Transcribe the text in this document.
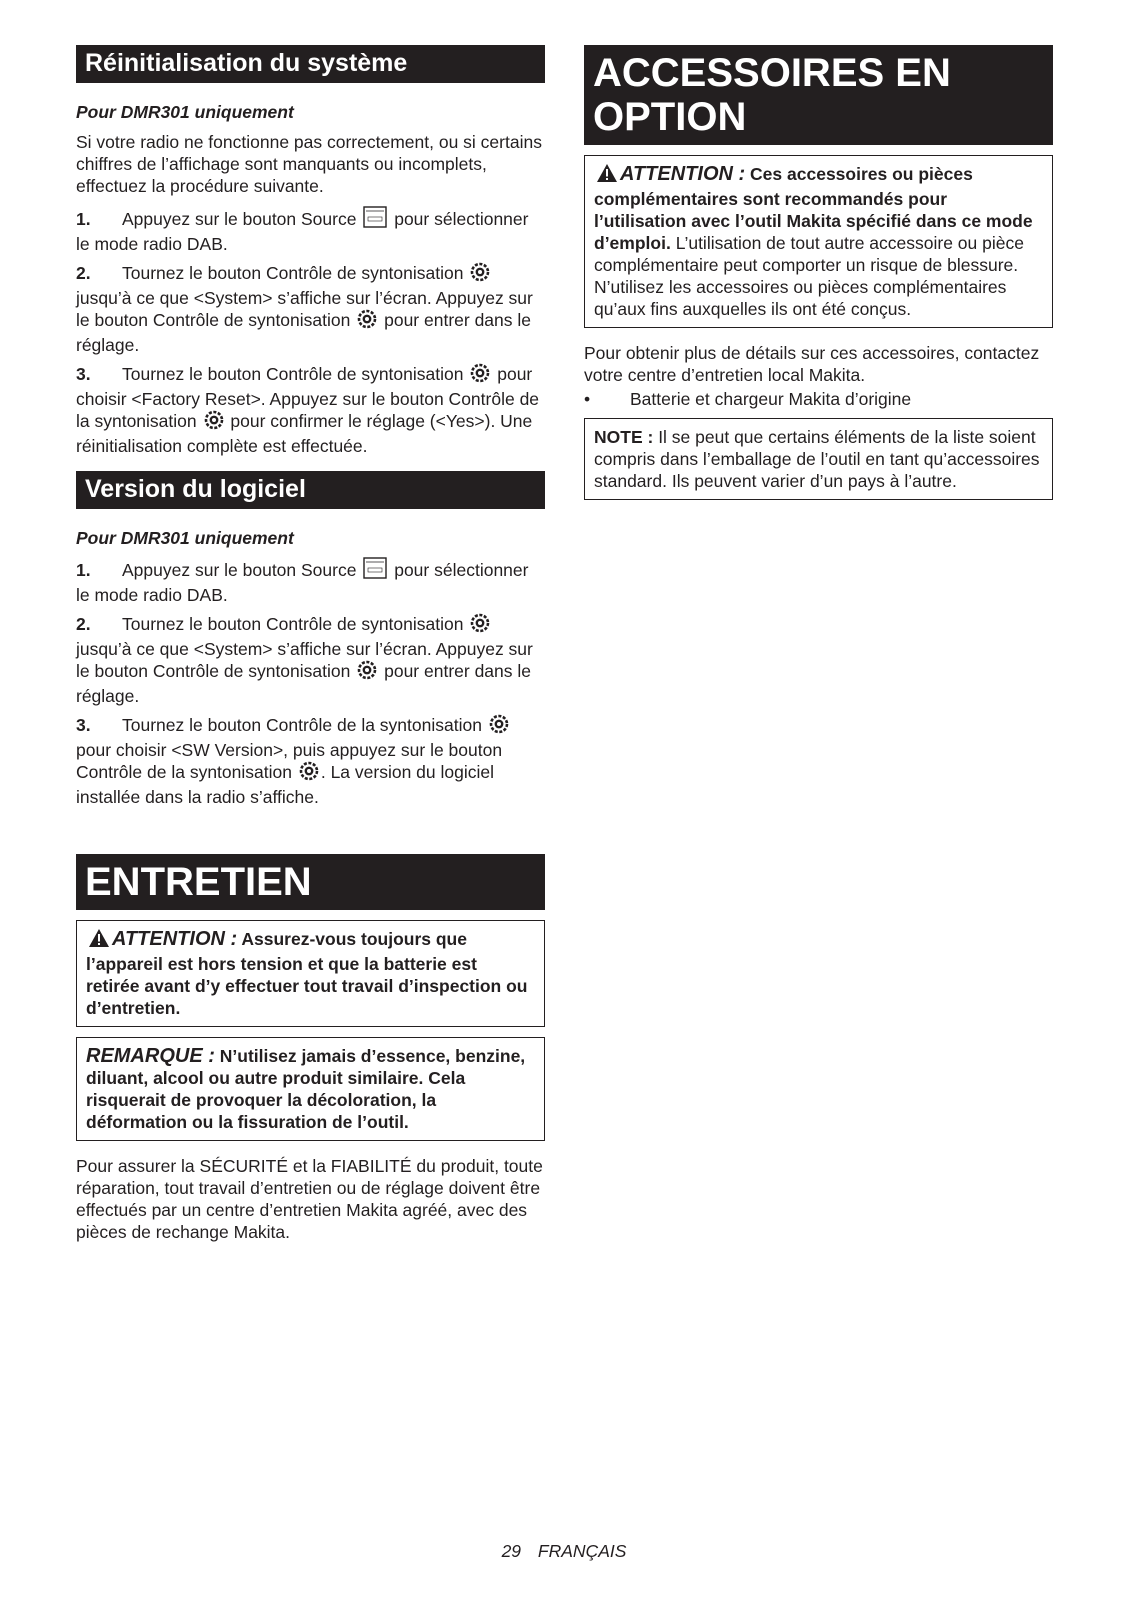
Réinitialisation du système
Pour DMR301 uniquement

Si votre radio ne fonctionne pas correctement, ou si certains chiffres de l’affichage sont manquants ou incomplets, effectuez la procédure suivante.

1. Appuyez sur le bouton Source pour sélectionner le mode radio DAB.

2. Tournez le bouton Contrôle de syntonisation  jusqu’à ce que <System> s’affiche sur l’écran. Appuyez sur le bouton Contrôle de syntonisation pour entrer dans le réglage.

3. Tournez le bouton Contrôle de syntonisation pour choisir <Factory Reset>. Appuyez sur le bouton Contrôle de la syntonisation pour confirmer le réglage (<Yes>). Une réinitialisation complète est effectuée.

Version du logiciel
Pour DMR301 uniquement

1. Appuyez sur le bouton Source pour sélectionner le mode radio DAB.

2. Tournez le bouton Contrôle de syntonisation  jusqu’à ce que <System> s’affiche sur l’écran. Appuyez sur le bouton Contrôle de syntonisation pour entrer dans le réglage.

3. Tournez le bouton Contrôle de la syntonisation  pour choisir <SW Version>, puis appuyez sur le bouton Contrôle de la syntonisation . La version du logiciel installée dans la radio s’affiche.

ENTRETIEN

ATTENTION : Assurez-vous toujours que l’appareil est hors tension et que la batterie est retirée avant d’y effectuer tout travail d’inspection ou d’entretien.

REMARQUE : N’utilisez jamais d’essence, benzine, diluant, alcool ou autre produit similaire. Cela risquerait de provoquer la décoloration, la déformation ou la fissuration de l’outil.

Pour assurer la SÉCURITÉ et la FIABILITÉ du produit, toute réparation, tout travail d’entretien ou de réglage doivent être effectués par un centre d’entretien Makita agréé, avec des pièces de rechange Makita.

ACCESSOIRES EN OPTION

ATTENTION : Ces accessoires ou pièces complémentaires sont recommandés pour l’utilisation avec l’outil Makita spécifié dans ce mode d’emploi. L’utilisation de tout autre accessoire ou pièce complémentaire peut comporter un risque de blessure. N’utilisez les accessoires ou pièces complémentaires qu’aux fins auxquelles ils ont été conçus.

Pour obtenir plus de détails sur ces accessoires, contactez votre centre d’entretien local Makita.

•	Batterie et chargeur Makita d’origine

NOTE : Il se peut que certains éléments de la liste soient compris dans l’emballage de l’outil en tant qu’accessoires standard. Ils peuvent varier d’un pays à l’autre.

29 FRANÇAIS
